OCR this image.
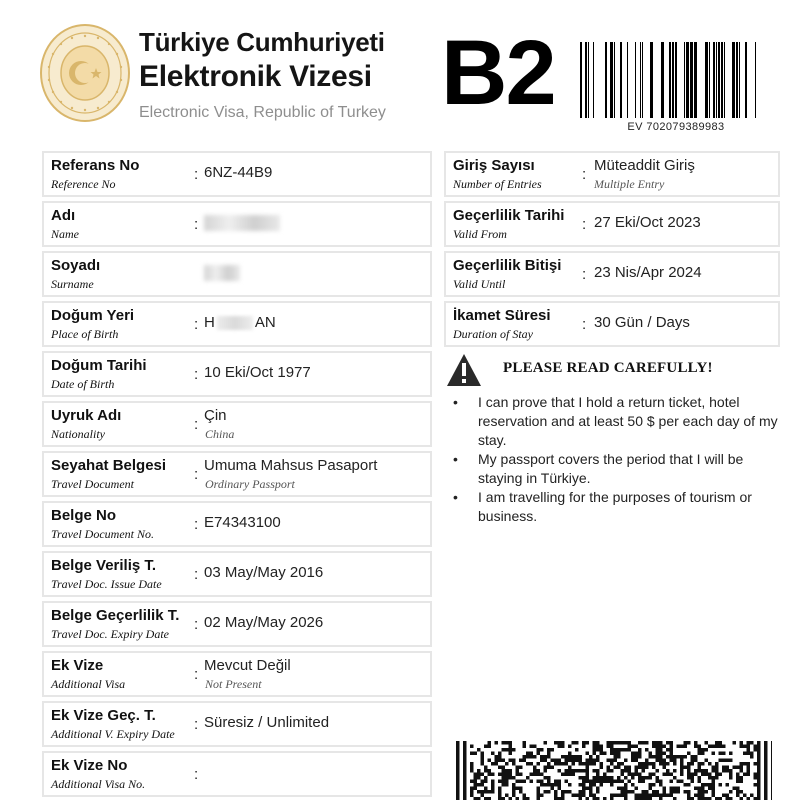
Türkiye Cumhuriyeti
Elektronik Vizesi
Electronic Visa, Republic of Turkey B2
EV 702079389983
Referans No
Reference No
: 6NZ-44B9
Adı
Name
:
Soyadı
Surname
Doğum Yeri
Place of Birth
: H	AN
Doğum Tarihi
Date of Birth
: 10 Eki/Oct 1977
Uyruk Adı
Nationality
:
Çin
China
Seyahat Belgesi
Travel Document
:
Umuma Mahsus Pasaport
Ordinary Passport
Belge No
Travel Document No.
: E74343100
Belge Veriliş T.
Travel Doc. Issue Date
: 03 May/May 2016
Belge Geçerlilik T.
Travel Doc. Expiry Date
: 02 May/May 2026
Ek Vize
Additional Visa
:
Mevcut Değil
Not Present
Ek Vize Geç. T.
Additional V. Expiry Date
: Süresiz / Unlimited
Ek Vize No
Additional Visa No.
:
Giriş Sayısı
Number of Entries
:
Müteaddit Giriş
Multiple Entry
Geçerlilik Tarihi
Valid From
: 27 Eki/Oct 2023
Geçerlilik Bitişi
Valid Until
: 23 Nis/Apr 2024
İkamet Süresi
Duration of Stay
: 30 Gün / Days
PLEASE READ CAREFULLY!
• I can prove that I hold a return ticket, hotel reservation and at least 50 $ per each day of my stay.
• My passport covers the period that I will be staying in Türkiye.
• I am travelling for the purposes of tourism or business.
